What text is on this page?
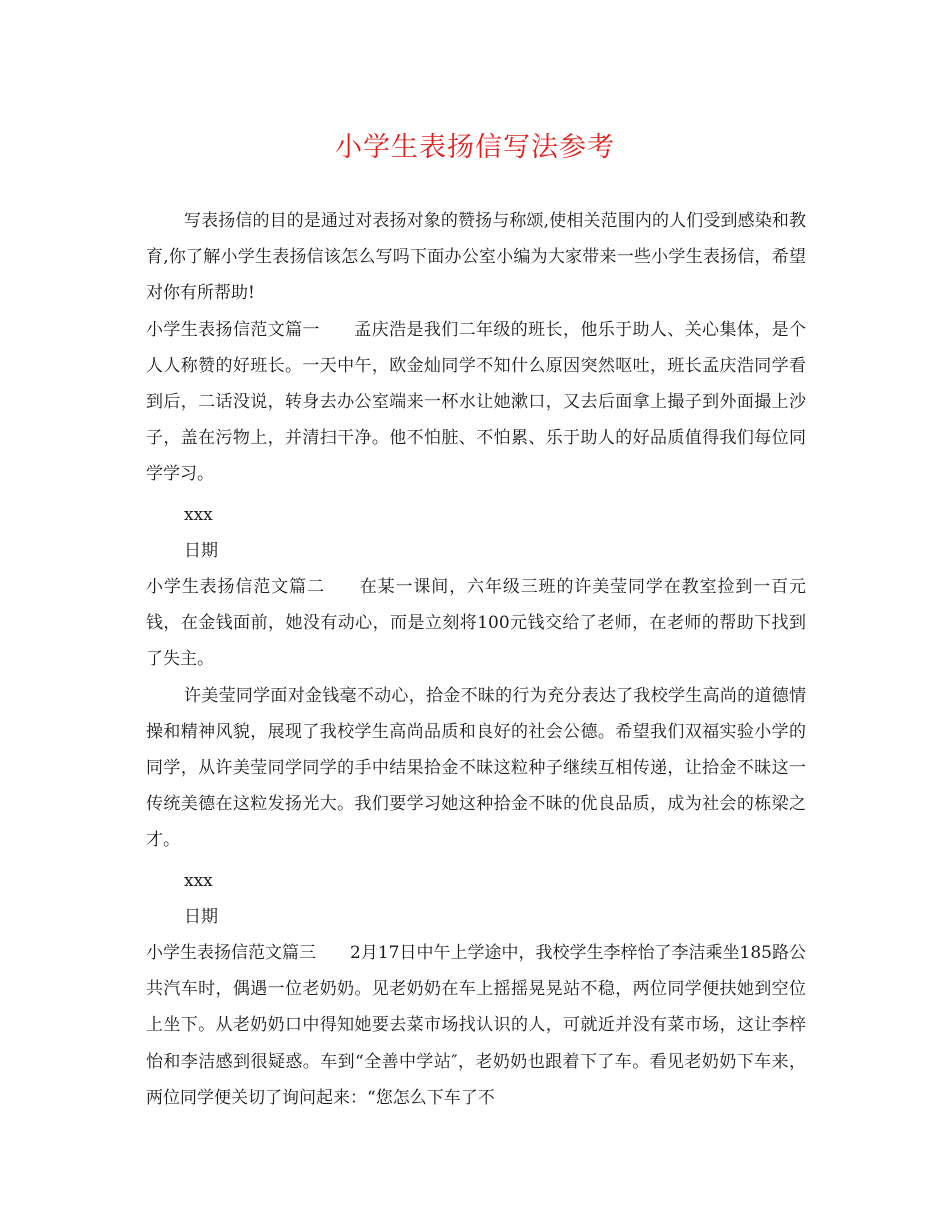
小学生表扬信写法参考

写表扬信的目的是通过对表扬对象的赞扬与称颂,使相关范围内的人们受到感染和教育,你了解小学生表扬信该怎么写吗下面办公室小编为大家带来一些小学生表扬信，希望对你有所帮助!

小学生表扬信范文篇一 孟庆浩是我们二年级的班长，他乐于助人、关心集体，是个人人称赞的好班长。一天中午，欧金灿同学不知什么原因突然呕吐，班长孟庆浩同学看到后，二话没说，转身去办公室端来一杯水让她漱口，又去后面拿上撮子到外面撮上沙子，盖在污物上，并清扫干净。他不怕脏、不怕累、乐于助人的好品质值得我们每位同学学习。

xxx

日期

小学生表扬信范文篇二 在某一课间，六年级三班的许美莹同学在教室捡到一百元钱，在金钱面前，她没有动心，而是立刻将100元钱交给了老师，在老师的帮助下找到了失主。

许美莹同学面对金钱毫不动心，拾金不昧的行为充分表达了我校学生高尚的道德情操和精神风貌，展现了我校学生高尚品质和良好的社会公德。希望我们双福实验小学的同学，从许美莹同学同学的手中结果拾金不昧这粒种子继续互相传递，让拾金不昧这一传统美德在这粒发扬光大。我们要学习她这种拾金不昧的优良品质，成为社会的栋梁之才。

xxx

日期

小学生表扬信范文篇三 2月17日中午上学途中，我校学生李梓怡了李洁乘坐185路公共汽车时，偶遇一位老奶奶。见老奶奶在车上摇摇晃晃站不稳，两位同学便扶她到空位上坐下。从老奶奶口中得知她要去菜市场找认识的人，可就近并没有菜市场，这让李梓怡和李洁感到很疑惑。车到“全善中学站″，老奶奶也跟着下了车。看见老奶奶下车来，两位同学便关切了询问起来：“您怎么下车了不
